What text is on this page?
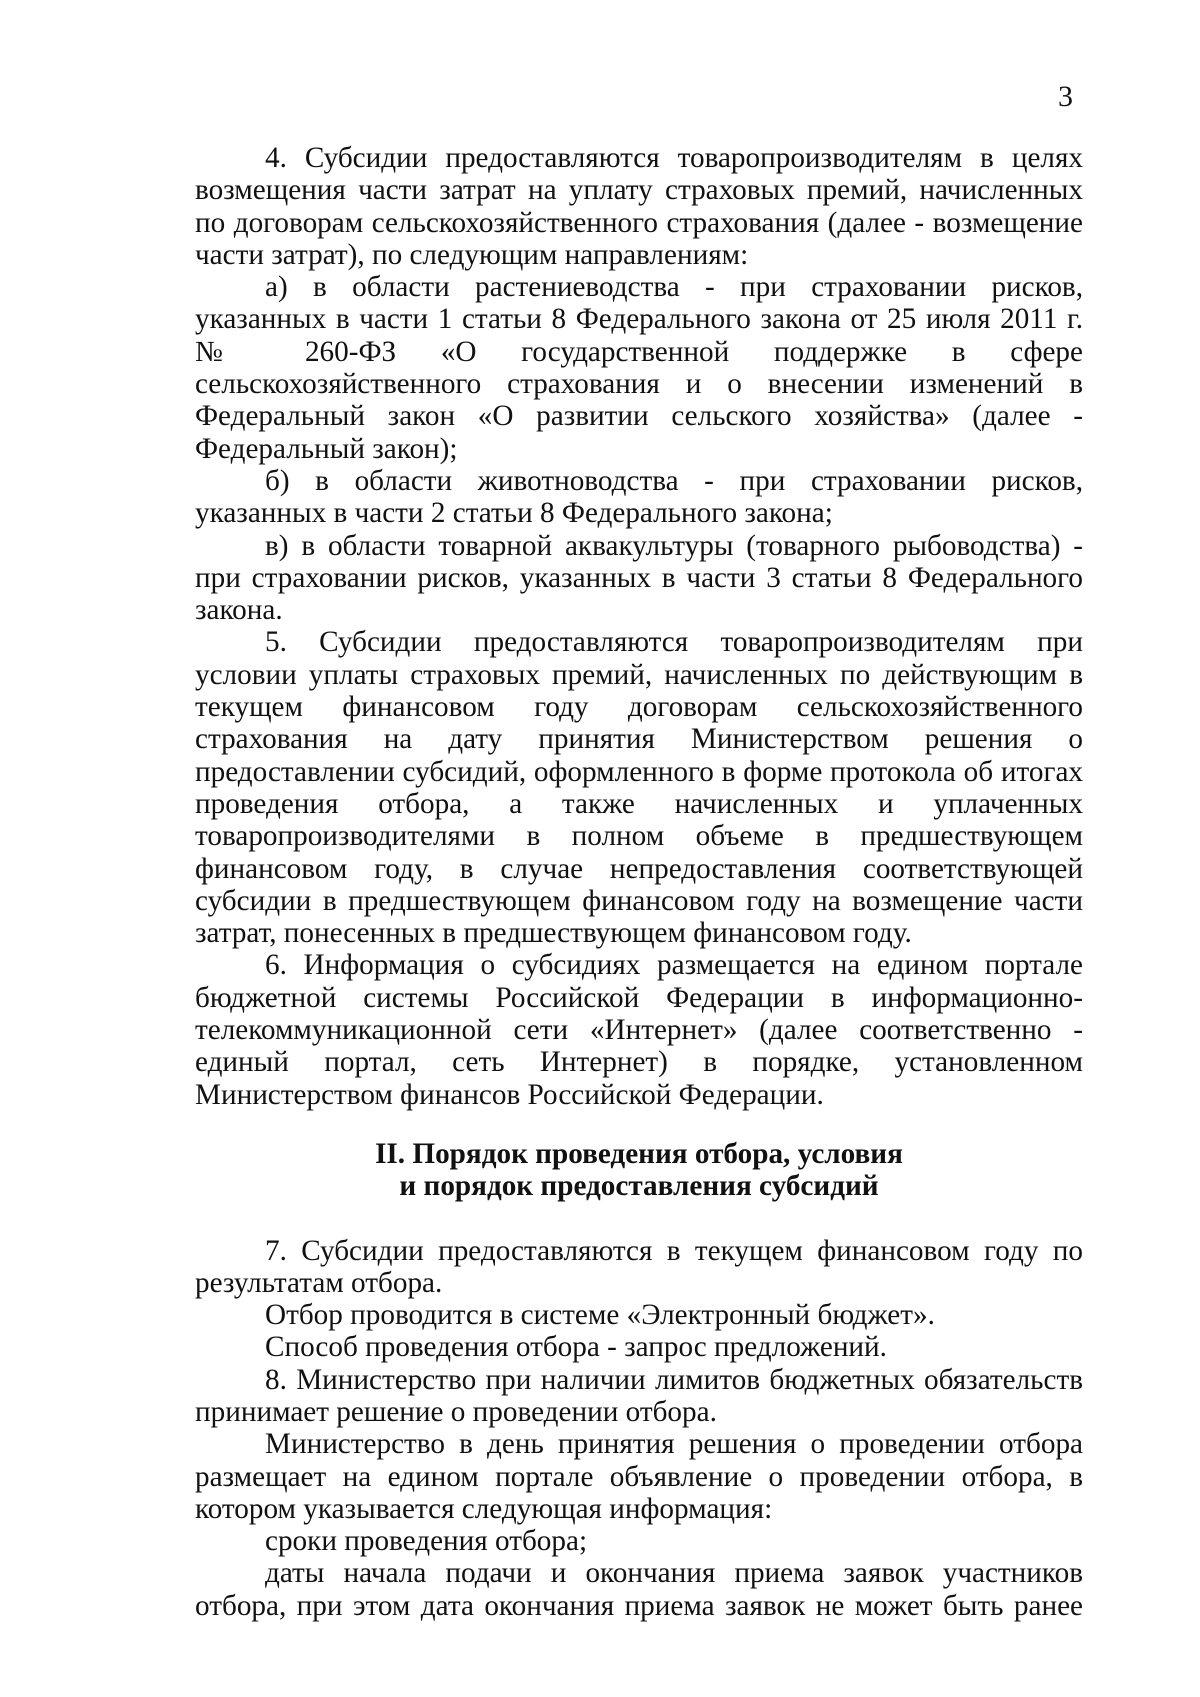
3

4. Субсидии предоставляются товаропроизводителям в целях возмещения части затрат на уплату страховых премий, начисленных по договорам сельскохозяйственного страхования (далее - возмещение части затрат), по следующим направлениям:

а) в области растениеводства - при страховании рисков, указанных в части 1 статьи 8 Федерального закона от 25 июля 2011 г. № 260-ФЗ «О государственной поддержке в сфере сельскохозяйственного страхования и о внесении изменений в Федеральный закон «О развитии сельского хозяйства» (далее - Федеральный закон);

б) в области животноводства - при страховании рисков, указанных в части 2 статьи 8 Федерального закона;

в) в области товарной аквакультуры (товарного рыбоводства) - при страховании рисков, указанных в части 3 статьи 8 Федерального закона.

5. Субсидии предоставляются товаропроизводителям при условии уплаты страховых премий, начисленных по действующим в текущем финансовом году договорам сельскохозяйственного страхования на дату принятия Министерством решения о предоставлении субсидий, оформленного в форме протокола об итогах проведения отбора, а также начисленных и уплаченных товаропроизводителями в полном объеме в предшествующем финансовом году, в случае непредоставления соответствующей субсидии в предшествующем финансовом году на возмещение части затрат, понесенных в предшествующем финансовом году.

6. Информация о субсидиях размещается на едином портале бюджетной системы Российской Федерации в информационно-телекоммуникационной сети «Интернет» (далее соответственно - единый портал, сеть Интернет) в порядке, установленном Министерством финансов Российской Федерации.

II. Порядок проведения отбора, условия
и порядок предоставления субсидий

7. Субсидии предоставляются в текущем финансовом году по результатам отбора.

Отбор проводится в системе «Электронный бюджет».

Способ проведения отбора - запрос предложений.

8. Министерство при наличии лимитов бюджетных обязательств принимает решение о проведении отбора.

Министерство в день принятия решения о проведении отбора размещает на едином портале объявление о проведении отбора, в котором указывается следующая информация:

сроки проведения отбора;

даты начала подачи и окончания приема заявок участников отбора, при этом дата окончания приема заявок не может быть ранее
